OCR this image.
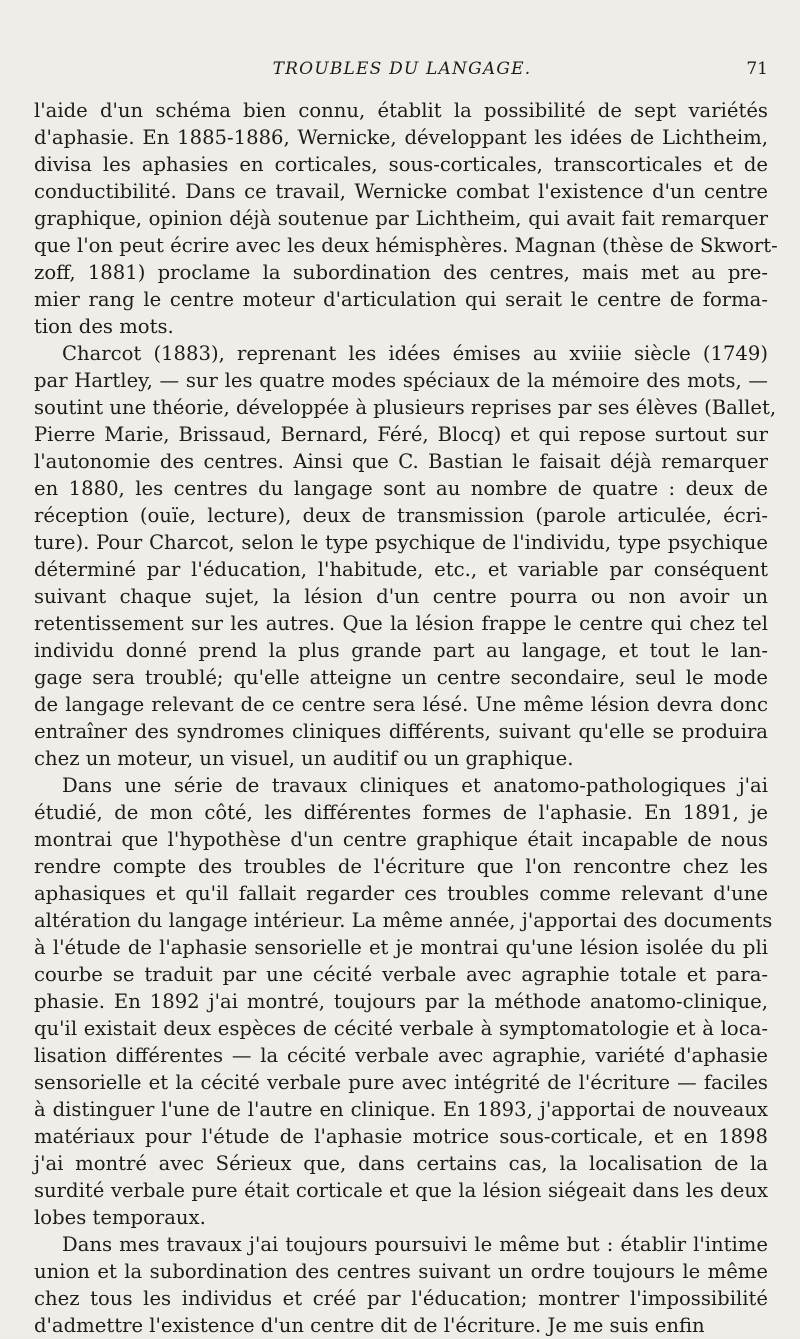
TROUBLES DU LANGAGE.	71
l'aide d'un schéma bien connu, établit la possibilité de sept variétés
d'aphasie. En 1885-1886, Wernicke, développant les idées de Lichtheim,
divisa les aphasies en corticales, sous-corticales, transcorticales et de
conductibilité. Dans ce travail, Wernicke combat l'existence d'un centre
graphique, opinion déjà soutenue par Lichtheim, qui avait fait remarquer
que l'on peut écrire avec les deux hémisphères. Magnan (thèse de Skwort-
zoff, 1881) proclame la subordination des centres, mais met au pre-
mier rang le centre moteur d'articulation qui serait le centre de forma-
tion des mots.
Charcot (1883), reprenant les idées émises au xviiie siècle (1749)
par Hartley, — sur les quatre modes spéciaux de la mémoire des mots, —
soutint une théorie, développée à plusieurs reprises par ses élèves (Ballet,
Pierre Marie, Brissaud, Bernard, Féré, Blocq) et qui repose surtout sur
l'autonomie des centres. Ainsi que C. Bastian le faisait déjà remarquer
en 1880, les centres du langage sont au nombre de quatre : deux de
réception (ouïe, lecture), deux de transmission (parole articulée, écri-
ture). Pour Charcot, selon le type psychique de l'individu, type psychique
déterminé par l'éducation, l'habitude, etc., et variable par conséquent
suivant chaque sujet, la lésion d'un centre pourra ou non avoir un
retentissement sur les autres. Que la lésion frappe le centre qui chez tel
individu donné prend la plus grande part au langage, et tout le lan-
gage sera troublé; qu'elle atteigne un centre secondaire, seul le mode
de langage relevant de ce centre sera lésé. Une même lésion devra donc
entraîner des syndromes cliniques différents, suivant qu'elle se produira
chez un moteur, un visuel, un auditif ou un graphique.
Dans une série de travaux cliniques et anatomo-pathologiques j'ai
étudié, de mon côté, les différentes formes de l'aphasie. En 1891, je
montrai que l'hypothèse d'un centre graphique était incapable de nous
rendre compte des troubles de l'écriture que l'on rencontre chez les
aphasiques et qu'il fallait regarder ces troubles comme relevant d'une
altération du langage intérieur. La même année, j'apportai des documents
à l'étude de l'aphasie sensorielle et je montrai qu'une lésion isolée du pli
courbe se traduit par une cécité verbale avec agraphie totale et para-
phasie. En 1892 j'ai montré, toujours par la méthode anatomo-clinique,
qu'il existait deux espèces de cécité verbale à symptomatologie et à loca-
lisation différentes — la cécité verbale avec agraphie, variété d'aphasie
sensorielle et la cécité verbale pure avec intégrité de l'écriture — faciles
à distinguer l'une de l'autre en clinique. En 1893, j'apportai de nouveaux
matériaux pour l'étude de l'aphasie motrice sous-corticale, et en 1898
j'ai montré avec Sérieux que, dans certains cas, la localisation de la
surdité verbale pure était corticale et que la lésion siégeait dans les deux
lobes temporaux.
Dans mes travaux j'ai toujours poursuivi le même but : établir l'intime
union et la subordination des centres suivant un ordre toujours le même
chez tous les individus et créé par l'éducation; montrer l'impossibilité
d'admettre l'existence d'un centre dit de l'écriture. Je me suis enfin
